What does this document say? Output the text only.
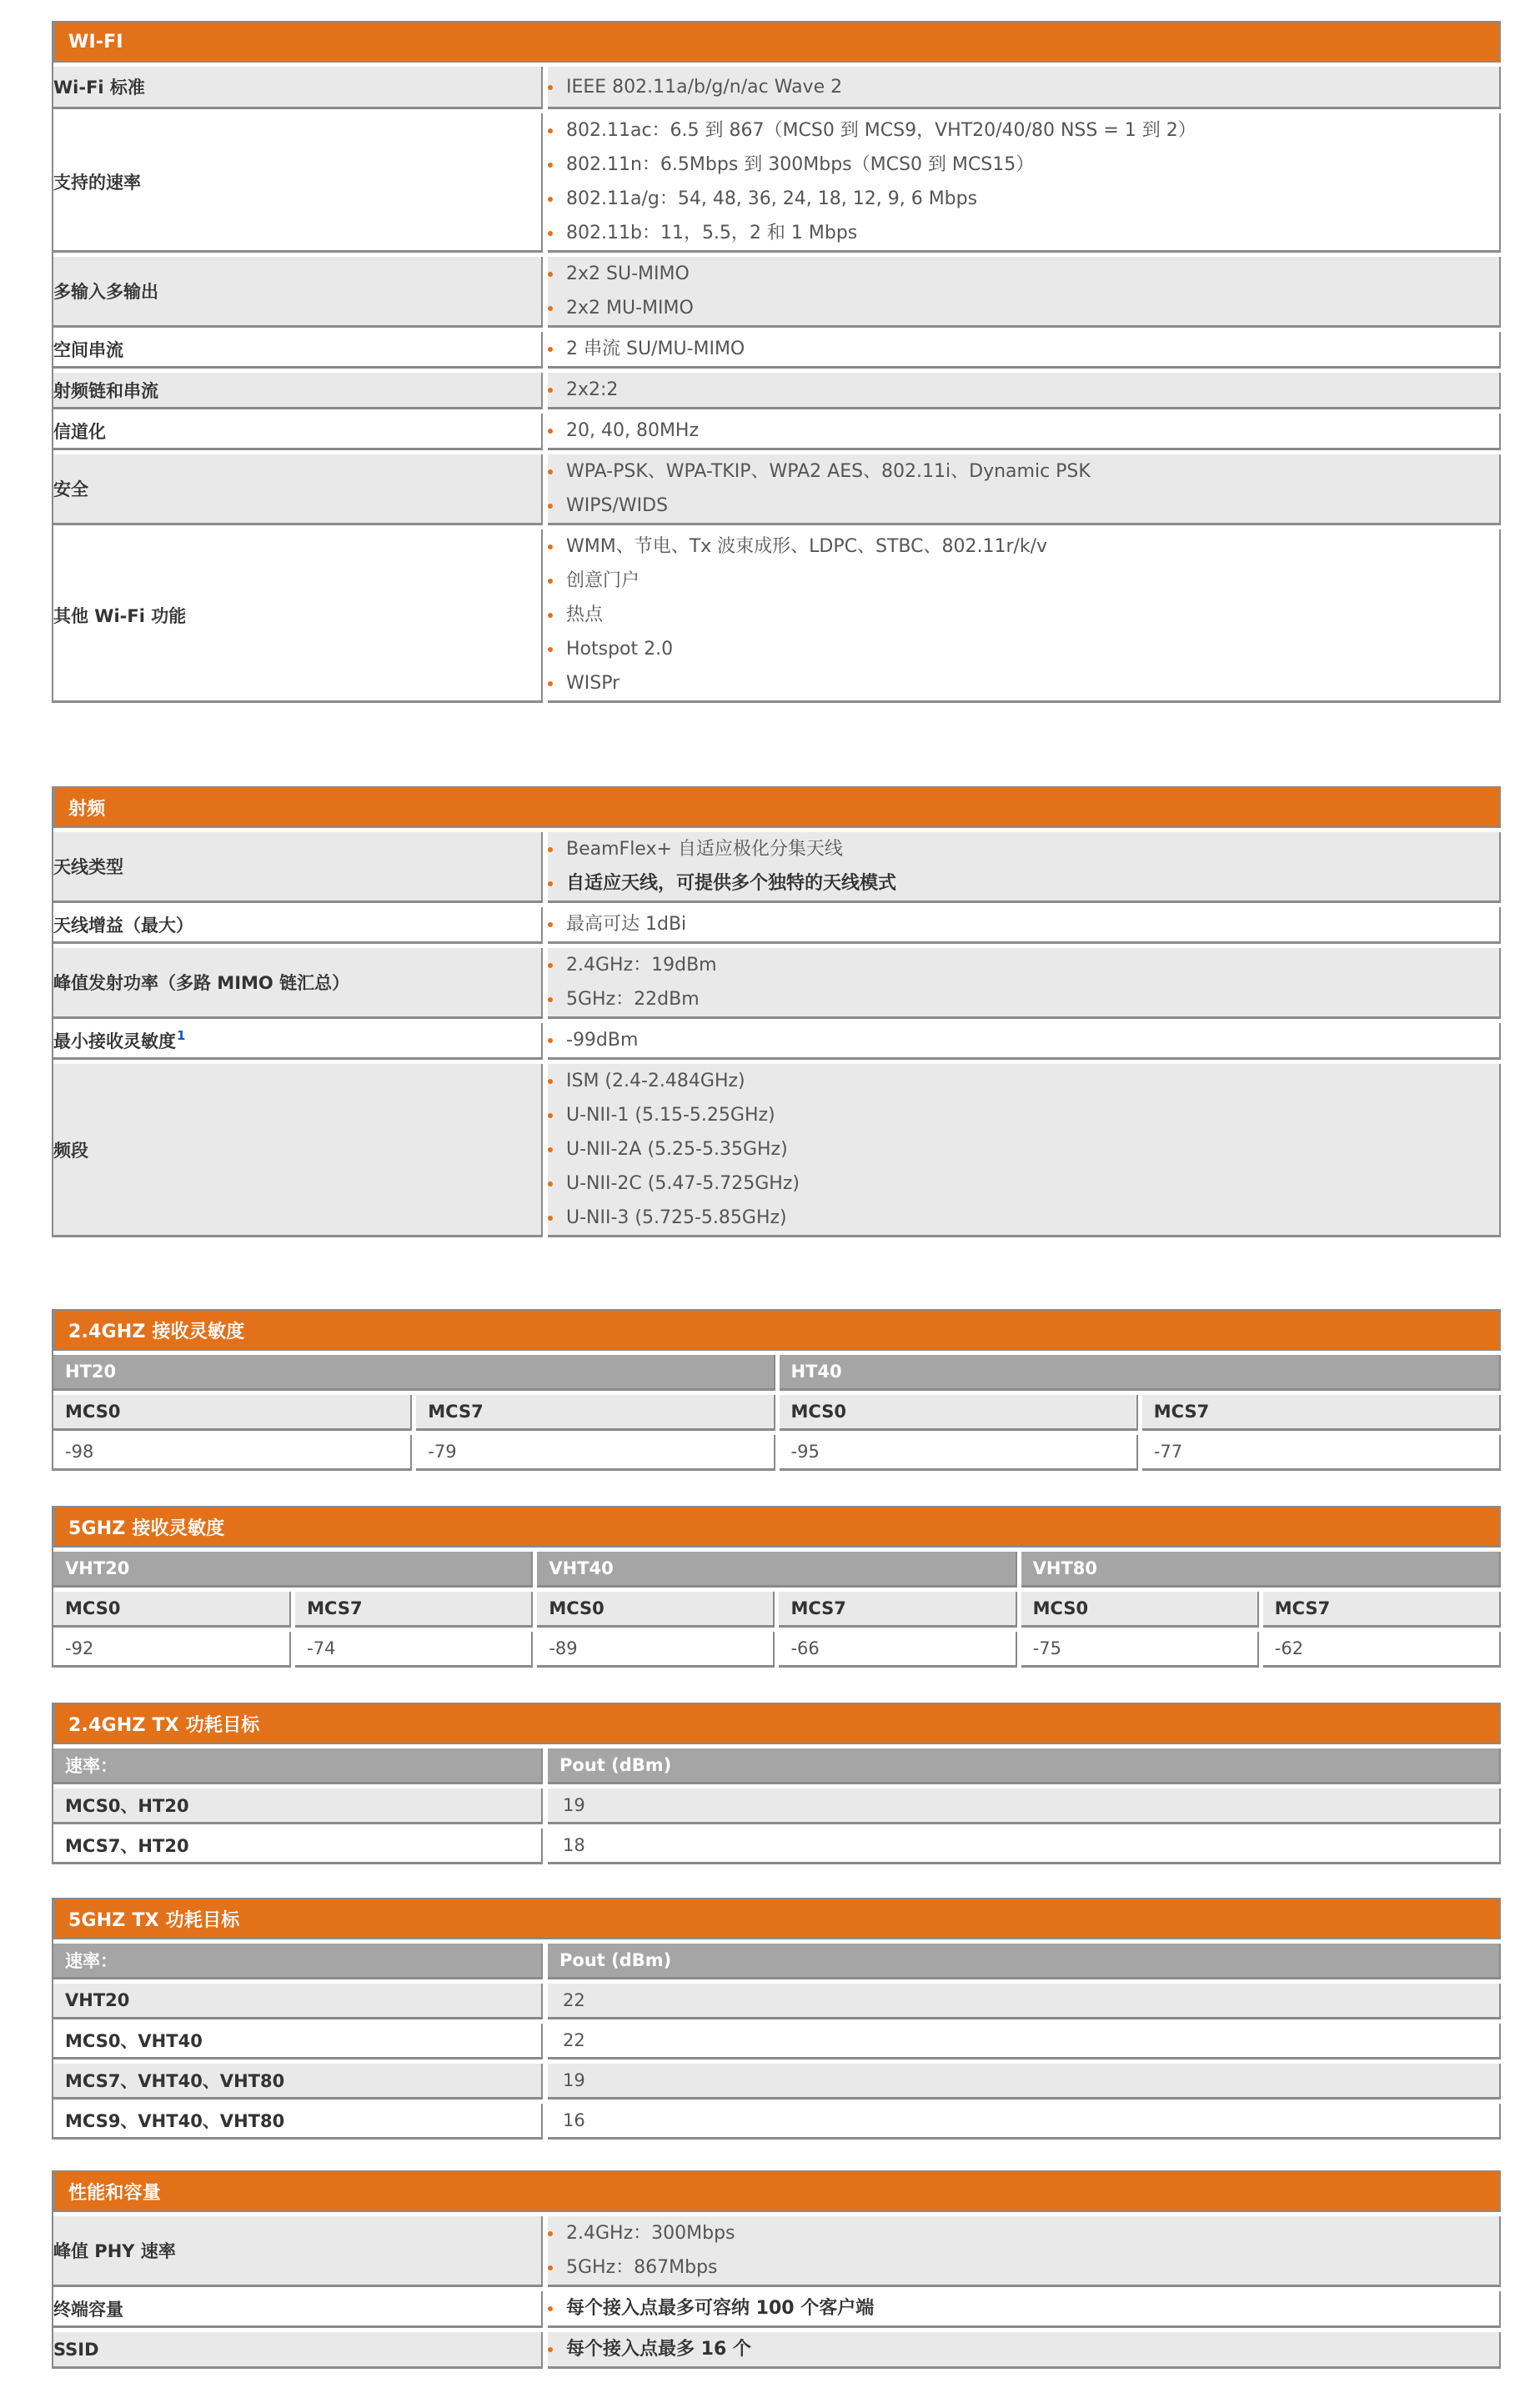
WI-FI		

Wi-Fi 标准		IEEE 802.11a/b/g/n/ac Wave 2

支持的速率		
802.11ac：6.5 到 867（MCS0 到 MCS9，VHT20/40/80 NSS = 1 到 2）
802.11n：6.5Mbps 到 300Mbps（MCS0 到 MCS15）
802.11a/g：54, 48, 36, 24, 18, 12, 9, 6 Mbps
802.11b：11，5.5，2 和 1 Mbps

多输入多输出		
2x2 SU-MIMO
2x2 MU-MIMO

空间串流		2 串流 SU/MU-MIMO

射频链和串流		2x2:2

信道化		20, 40, 80MHz

安全		
WPA-PSK、WPA-TKIP、WPA2 AES、802.11i、Dynamic PSK
WIPS/WIDS

其他 Wi-Fi 功能		
WMM、节电、Tx 波束成形、LDPC、STBC、802.11r/k/v
创意门户
热点
Hotspot 2.0
WISPr
射频		

天线类型		
BeamFlex+ 自适应极化分集天线
自适应天线，可提供多个独特的天线模式

天线增益（最大）		最高可达 1dBi

峰值发射功率（多路 MIMO 链汇总）		
2.4GHz：19dBm
5GHz：22dBm

最小接收灵敏度$^1$		-99dBm

频段		
ISM (2.4-2.484GHz)
U-NII-1 (5.15-5.25GHz)
U-NII-2A (5.25-5.35GHz)
U-NII-2C (5.47-5.725GHz)
U-NII-3 (5.725-5.85GHz)
2.4GHZ 接收灵敏度						

HT20				HT40		

MCS0		MCS7		MCS0		MCS7

-98		-79		-95		-77
5GHZ 接收灵敏度										

VHT20				VHT40				VHT80		

MCS0		MCS7		MCS0		MCS7		MCS0		MCS7

-92		-74		-89		-66		-75		-62
2.4GHZ TX 功耗目标		

速率：		Pout (dBm)

MCS0、HT20		19

MCS7、HT20		18
5GHZ TX 功耗目标		

速率：		Pout (dBm)

VHT20		22

MCS0、VHT40		22

MCS7、VHT40、VHT80		19

MCS9、VHT40、VHT80		16
性能和容量		

峰值 PHY 速率		
2.4GHz：300Mbps
5GHz：867Mbps

终端容量		每个接入点最多可容纳 100 个客户端

SSID		每个接入点最多 16 个
